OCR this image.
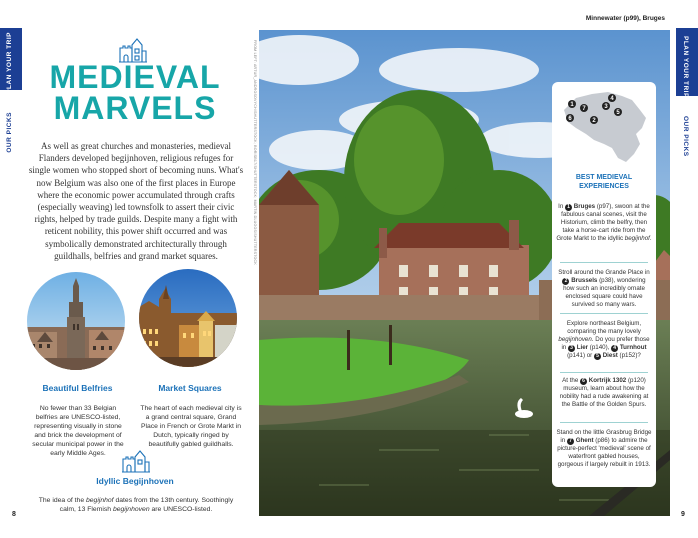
PLAN YOUR TRIP
OUR PICKS
MEDIEVAL
MARVELS

As well as great churches and monasteries, medieval Flanders developed begijnhoven, religious refuges for single women who stopped short of becoming nuns. What's now Belgium was also one of the first places in Europe where the economic power accumulated through crafts (especially weaving) led townsfolk to assert their civic rights, helped by trade guilds. Despite many a fight with reticent nobility, this power shift occurred and was symbolically demonstrated architecturally through guildhalls, belfries and grand market squares.

Beautiful Belfries	Market Squares

No fewer than 33 Belgian belfries are UNESCO-listed, representing visually in stone and brick the development of secular municipal power in the early Middle Ages.

The heart of each medieval city is a grand central square, Grand Place in French or Grote Markt in Dutch, typically ringed by beautifully gabled guildhalls.

Idyllic Begijnhoven

The idea of the begijnhof dates from the 13th century. Soothingly calm, 13 Flemish begijnhoven are UNESCO-listed.

8
FROM LEFT: ARTUR_ANDROSOVYCH/SHUTTERSTOCK; BORISB17/SHUTTERSTOCK; MARTIN.DLUGOS/SHUTTERSTOCK
Minnewater (p99), Bruges
PLAN YOUR TRIP
OUR PICKS
1
2
3
4
5
6
7
BEST MEDIEVAL
EXPERIENCES

In 1 Bruges (p97), swoon at the fabulous canal scenes, visit the Historium, climb the belfry, then take a horse-cart ride from the Grote Markt to the idyllic begijnhof.

Stroll around the Grande Place in 2 Brussels (p38), wondering how such an incredibly ornate enclosed square could have survived so many wars.

Explore northeast Belgium, comparing the many lovely begijnhoven. Do you prefer those in 3 Lier (p140), 4 Turnhout (p141) or 5 Diest (p152)?

At the 6 Kortrijk 1302 (p120) museum, learn about how the nobility had a rude awakening at the Battle of the Golden Spurs.

Stand on the little Grasbrug Bridge in 7 Ghent (p86) to admire the picture-perfect 'medieval' scene of waterfront gabled houses, gorgeous if largely rebuilt in 1913.

9
